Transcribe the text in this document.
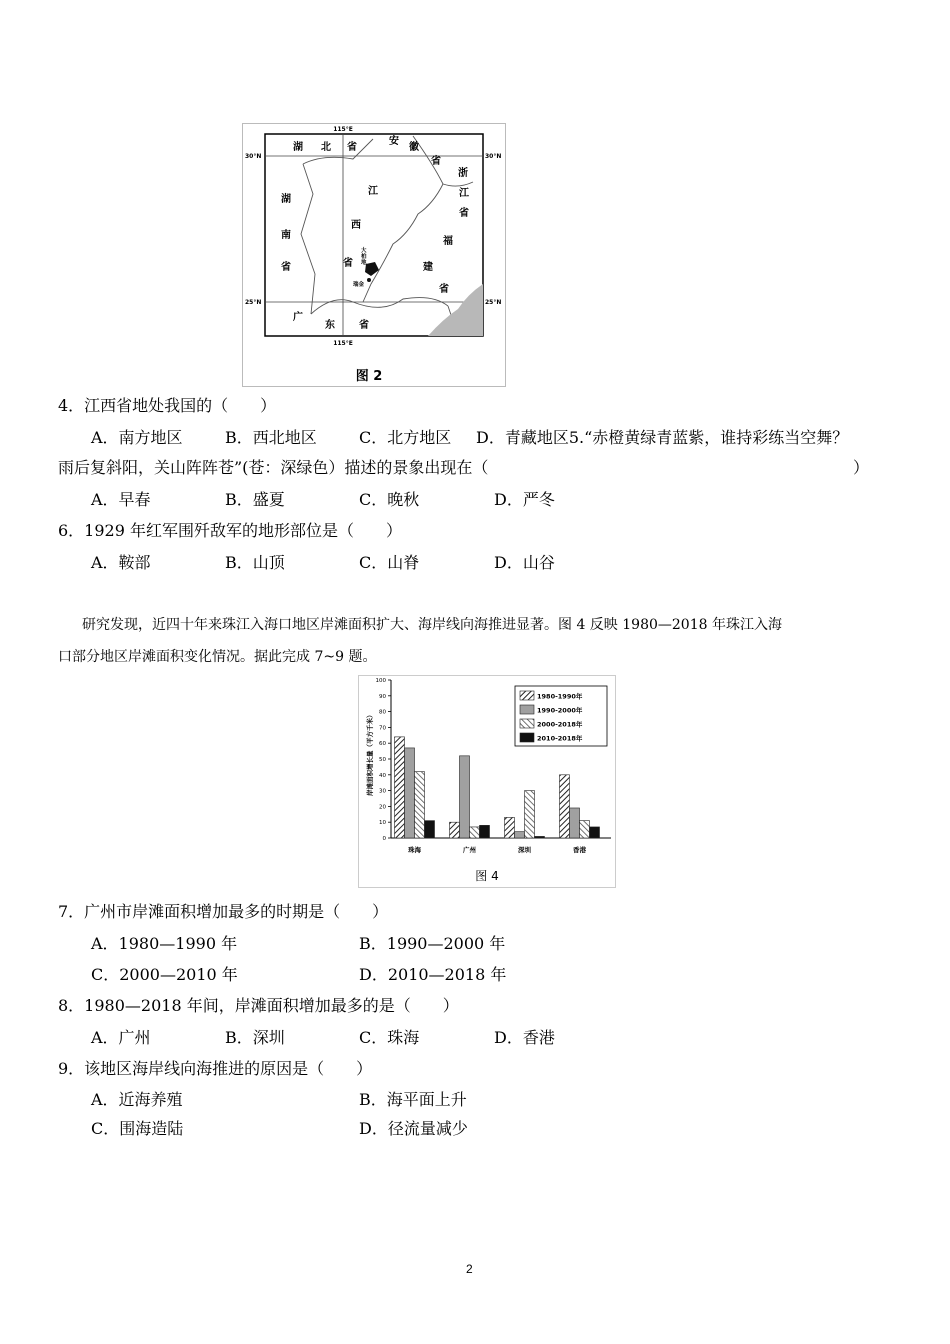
115°E
115°E
30°N	30°N
25°N	25°N
湖 北 省
安
徽
省
浙
江
省
江
西
省
湖
南
省
福
建
省
广
东 省
大
柏
地
瑞金
图 2
4．江西省地处我国的（　　）
A．南方地区	B．西北地区	C．北方地区 D．青藏地区5.“赤橙黄绿青蓝紫，谁持彩练当空舞？
雨后复斜阳，关山阵阵苍”(苍：深绿色）描述的景象出现在（	）
A．早春	B．盛夏	C．晚秋	D．严冬
6．1929 年红军围歼敌军的地形部位是（　　）
A．鞍部	B．山顶	C．山脊	D．山谷
研究发现，近四十年来珠江入海口地区岸滩面积扩大、海岸线向海推进显著。图 4 反映 1980—2018 年珠江入海
口部分地区岸滩面积变化情况。据此完成 7~9 题。
0
10
20
30
40
50
60
70
80
90
100
珠海	广州	深圳	香港
1980-1990年
1990-2000年
2000-2018年
2010-2018年
岸滩面积增长量（平方千米）
图 4
7．广州市岸滩面积增加最多的时期是（　　）
A．1980—1990 年	B．1990—2000 年
C．2000—2010 年	D．2010—2018 年
8．1980—2018 年间，岸滩面积增加最多的是（　　）
A．广州	B．深圳	C．珠海	D．香港
9．该地区海岸线向海推进的原因是（　　）
A．近海养殖	B．海平面上升
C．围海造陆	D．径流量减少
2
